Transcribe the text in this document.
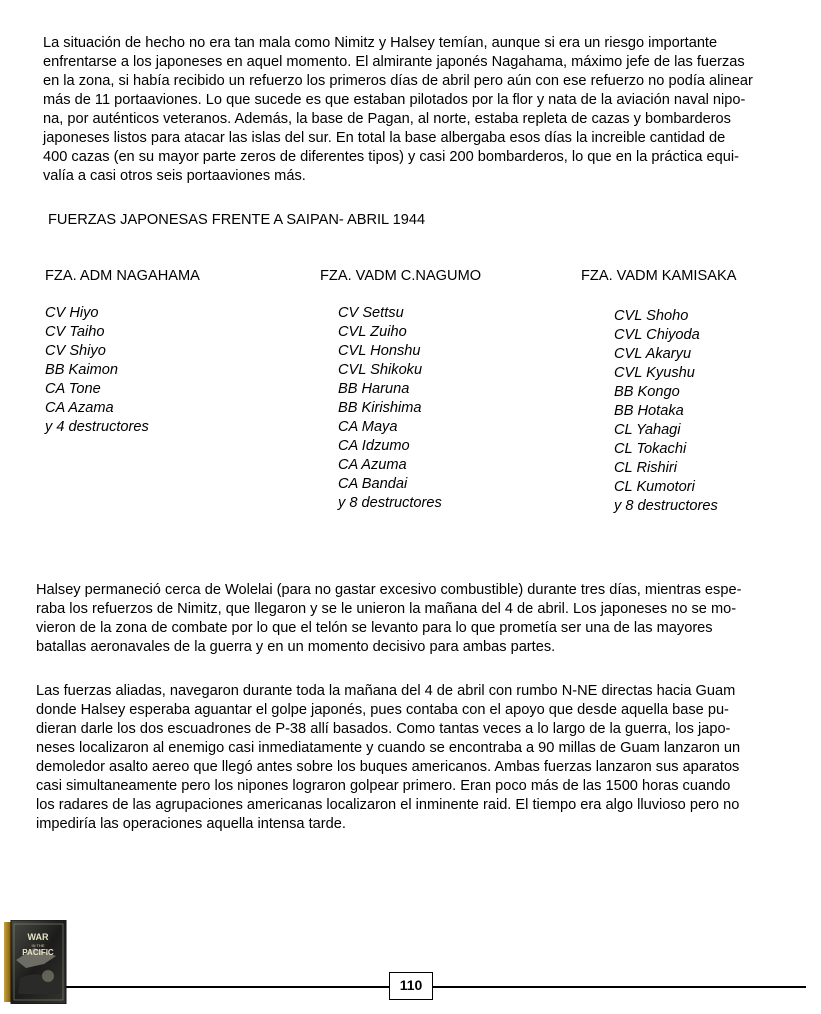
La situación de hecho no era tan mala como Nimitz y Halsey temían, aunque si era un riesgo importante
enfrentarse a los japoneses en aquel momento. El almirante japonés Nagahama, máximo jefe de las fuerzas
en la zona, si había recibido un refuerzo los primeros días de abril pero aún con ese refuerzo no podía alinear
más de 11 portaaviones. Lo que sucede es que estaban pilotados por la flor y nata de la aviación naval nipo-
na, por auténticos veteranos. Además, la base de Pagan, al norte, estaba repleta de cazas y bombarderos
japoneses listos para atacar las islas del sur. En total la base albergaba esos días la increible cantidad de
400 cazas (en su mayor parte zeros de diferentes tipos) y casi 200 bombarderos, lo que en la práctica equi-
valía a casi otros seis portaaviones más.

FUERZAS JAPONESAS FRENTE A SAIPAN- ABRIL 1944
FZA. ADM NAGAHAMA
CV Hiyo
CV Taiho
CV Shiyo
BB Kaimon
CA Tone
CA Azama
y 4 destructores
FZA. VADM C.NAGUMO
CV Settsu
CVL Zuiho
CVL Honshu
CVL Shikoku
BB Haruna
BB Kirishima
CA Maya
CA Idzumo
CA Azuma
CA Bandai
y 8 destructores
FZA. VADM KAMISAKA
CVL Shoho
CVL Chiyoda
CVL Akaryu
CVL Kyushu
BB Kongo
BB Hotaka
CL Yahagi
CL Tokachi
CL Rishiri
CL Kumotori
y 8 destructores

Halsey permaneció cerca de Wolelai (para no gastar excesivo combustible) durante tres días, mientras espe-
raba los refuerzos de Nimitz, que llegaron y se le unieron la mañana del 4 de abril. Los japoneses no se mo-
vieron de la zona de combate por lo que el telón se levanto para lo que prometía ser una de las mayores
batallas aeronavales de la guerra y en un momento decisivo para ambas partes.

Las fuerzas aliadas, navegaron durante toda la mañana del 4 de abril con rumbo N-NE directas hacia Guam
donde Halsey esperaba aguantar el golpe japonés, pues contaba con el apoyo que desde aquella base pu-
dieran darle los dos escuadrones de P-38 allí basados. Como tantas veces a lo largo de la guerra, los japo-
neses localizaron al enemigo casi inmediatamente y cuando se encontraba a 90 millas de Guam lanzaron un
demoledor asalto aereo que llegó antes sobre los buques americanos. Ambas fuerzas lanzaron sus aparatos
casi simultaneamente pero los nipones lograron golpear primero. Eran poco más de las 1500 horas cuando
los radares de las agrupaciones americanas localizaron el inminente raid. El tiempo era algo lluvioso pero no
impediría las operaciones aquella intensa tarde.

110
WAR
IN THE
PACIFIC
